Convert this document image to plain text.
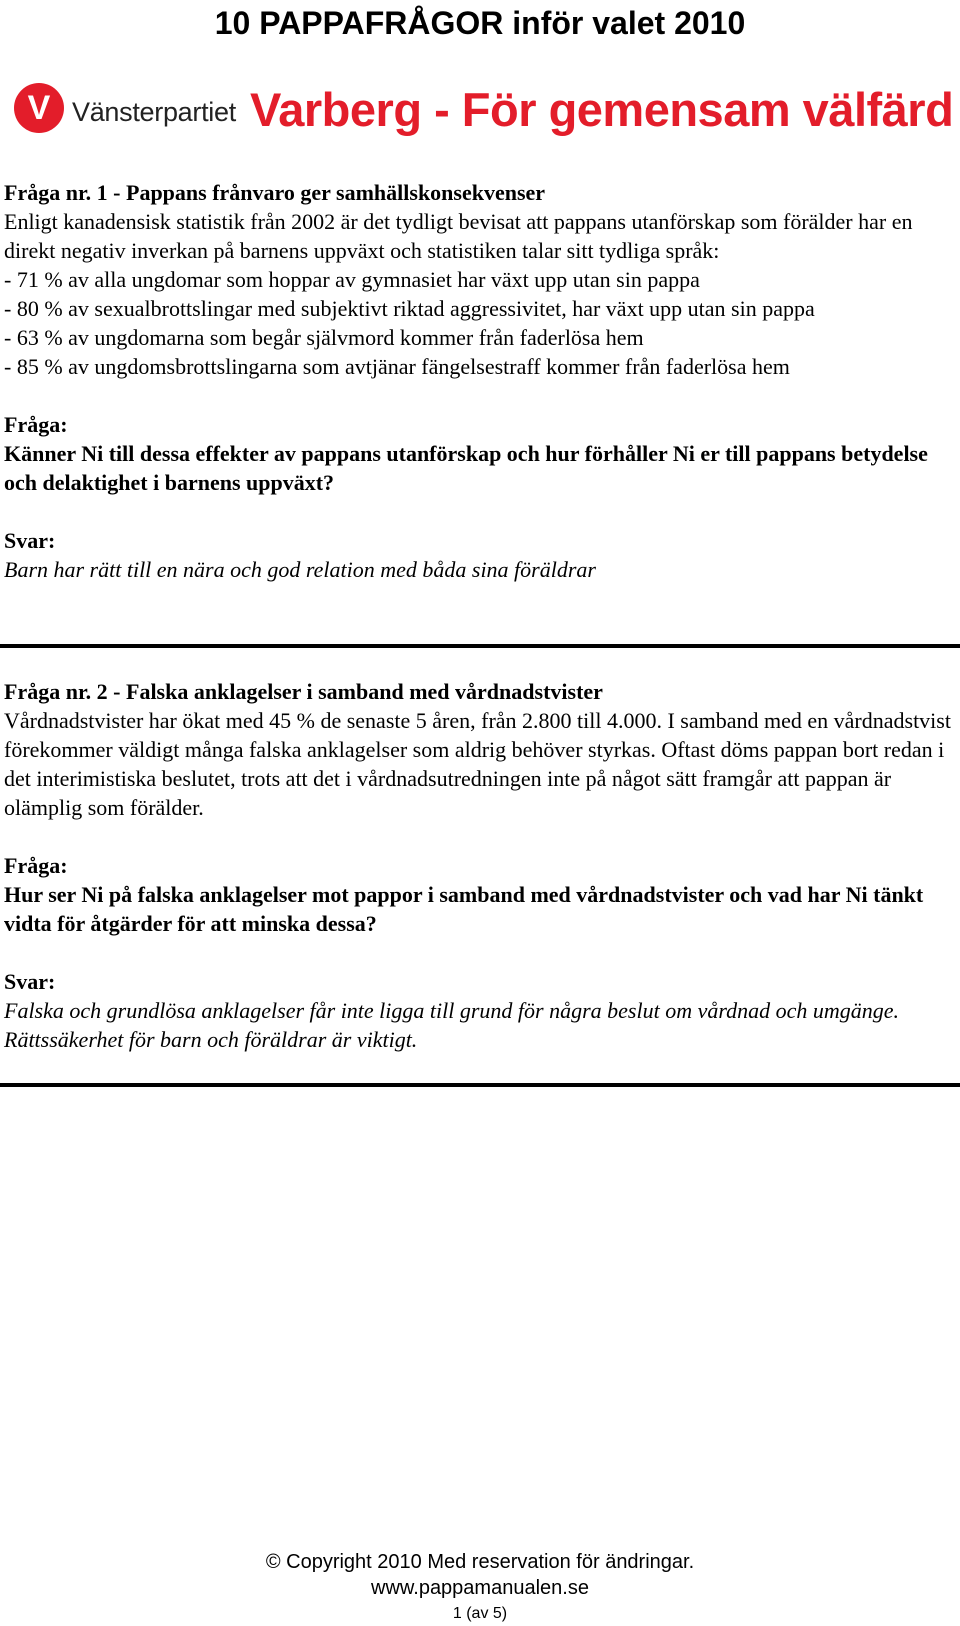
10 PAPPAFRÅGOR inför valet 2010
V Vänsterpartiet Varberg - För gemensam välfärd

Fråga nr. 1 - Pappans frånvaro ger samhällskonsekvenser

Enligt kanadensisk statistik från 2002 är det tydligt bevisat att pappans utanförskap som förälder har en direkt negativ inverkan på barnens uppväxt och statistiken talar sitt tydliga språk:

- 71 % av alla ungdomar som hoppar av gymnasiet har växt upp utan sin pappa

- 80 % av sexualbrottslingar med subjektivt riktad aggressivitet, har växt upp utan sin pappa

- 63 % av ungdomarna som begår självmord kommer från faderlösa hem

- 85 % av ungdomsbrottslingarna som avtjänar fängelsestraff kommer från faderlösa hem

Fråga:

Känner Ni till dessa effekter av pappans utanförskap och hur förhåller Ni er till pappans betydelse och delaktighet i barnens uppväxt?

Svar:

Barn har rätt till en nära och god relation med båda sina föräldrar

Fråga nr. 2 - Falska anklagelser i samband med vårdnadstvister

Vårdnadstvister har ökat med 45 % de senaste 5 åren, från 2.800 till 4.000. I samband med en vårdnadstvist förekommer väldigt många falska anklagelser som aldrig behöver styrkas. Oftast döms pappan bort redan i det interimistiska beslutet, trots att det i vårdnadsutredningen inte på något sätt framgår att pappan är olämplig som förälder.

Fråga:

Hur ser Ni på falska anklagelser mot pappor i samband med vårdnadstvister och vad har Ni tänkt vidta för åtgärder för att minska dessa?

Svar:

Falska och grundlösa anklagelser får inte ligga till grund för några beslut om vårdnad och umgänge. Rättssäkerhet för barn och föräldrar är viktigt.

© Copyright 2010 Med reservation för ändringar.
www.pappamanualen.se
1 (av 5)
